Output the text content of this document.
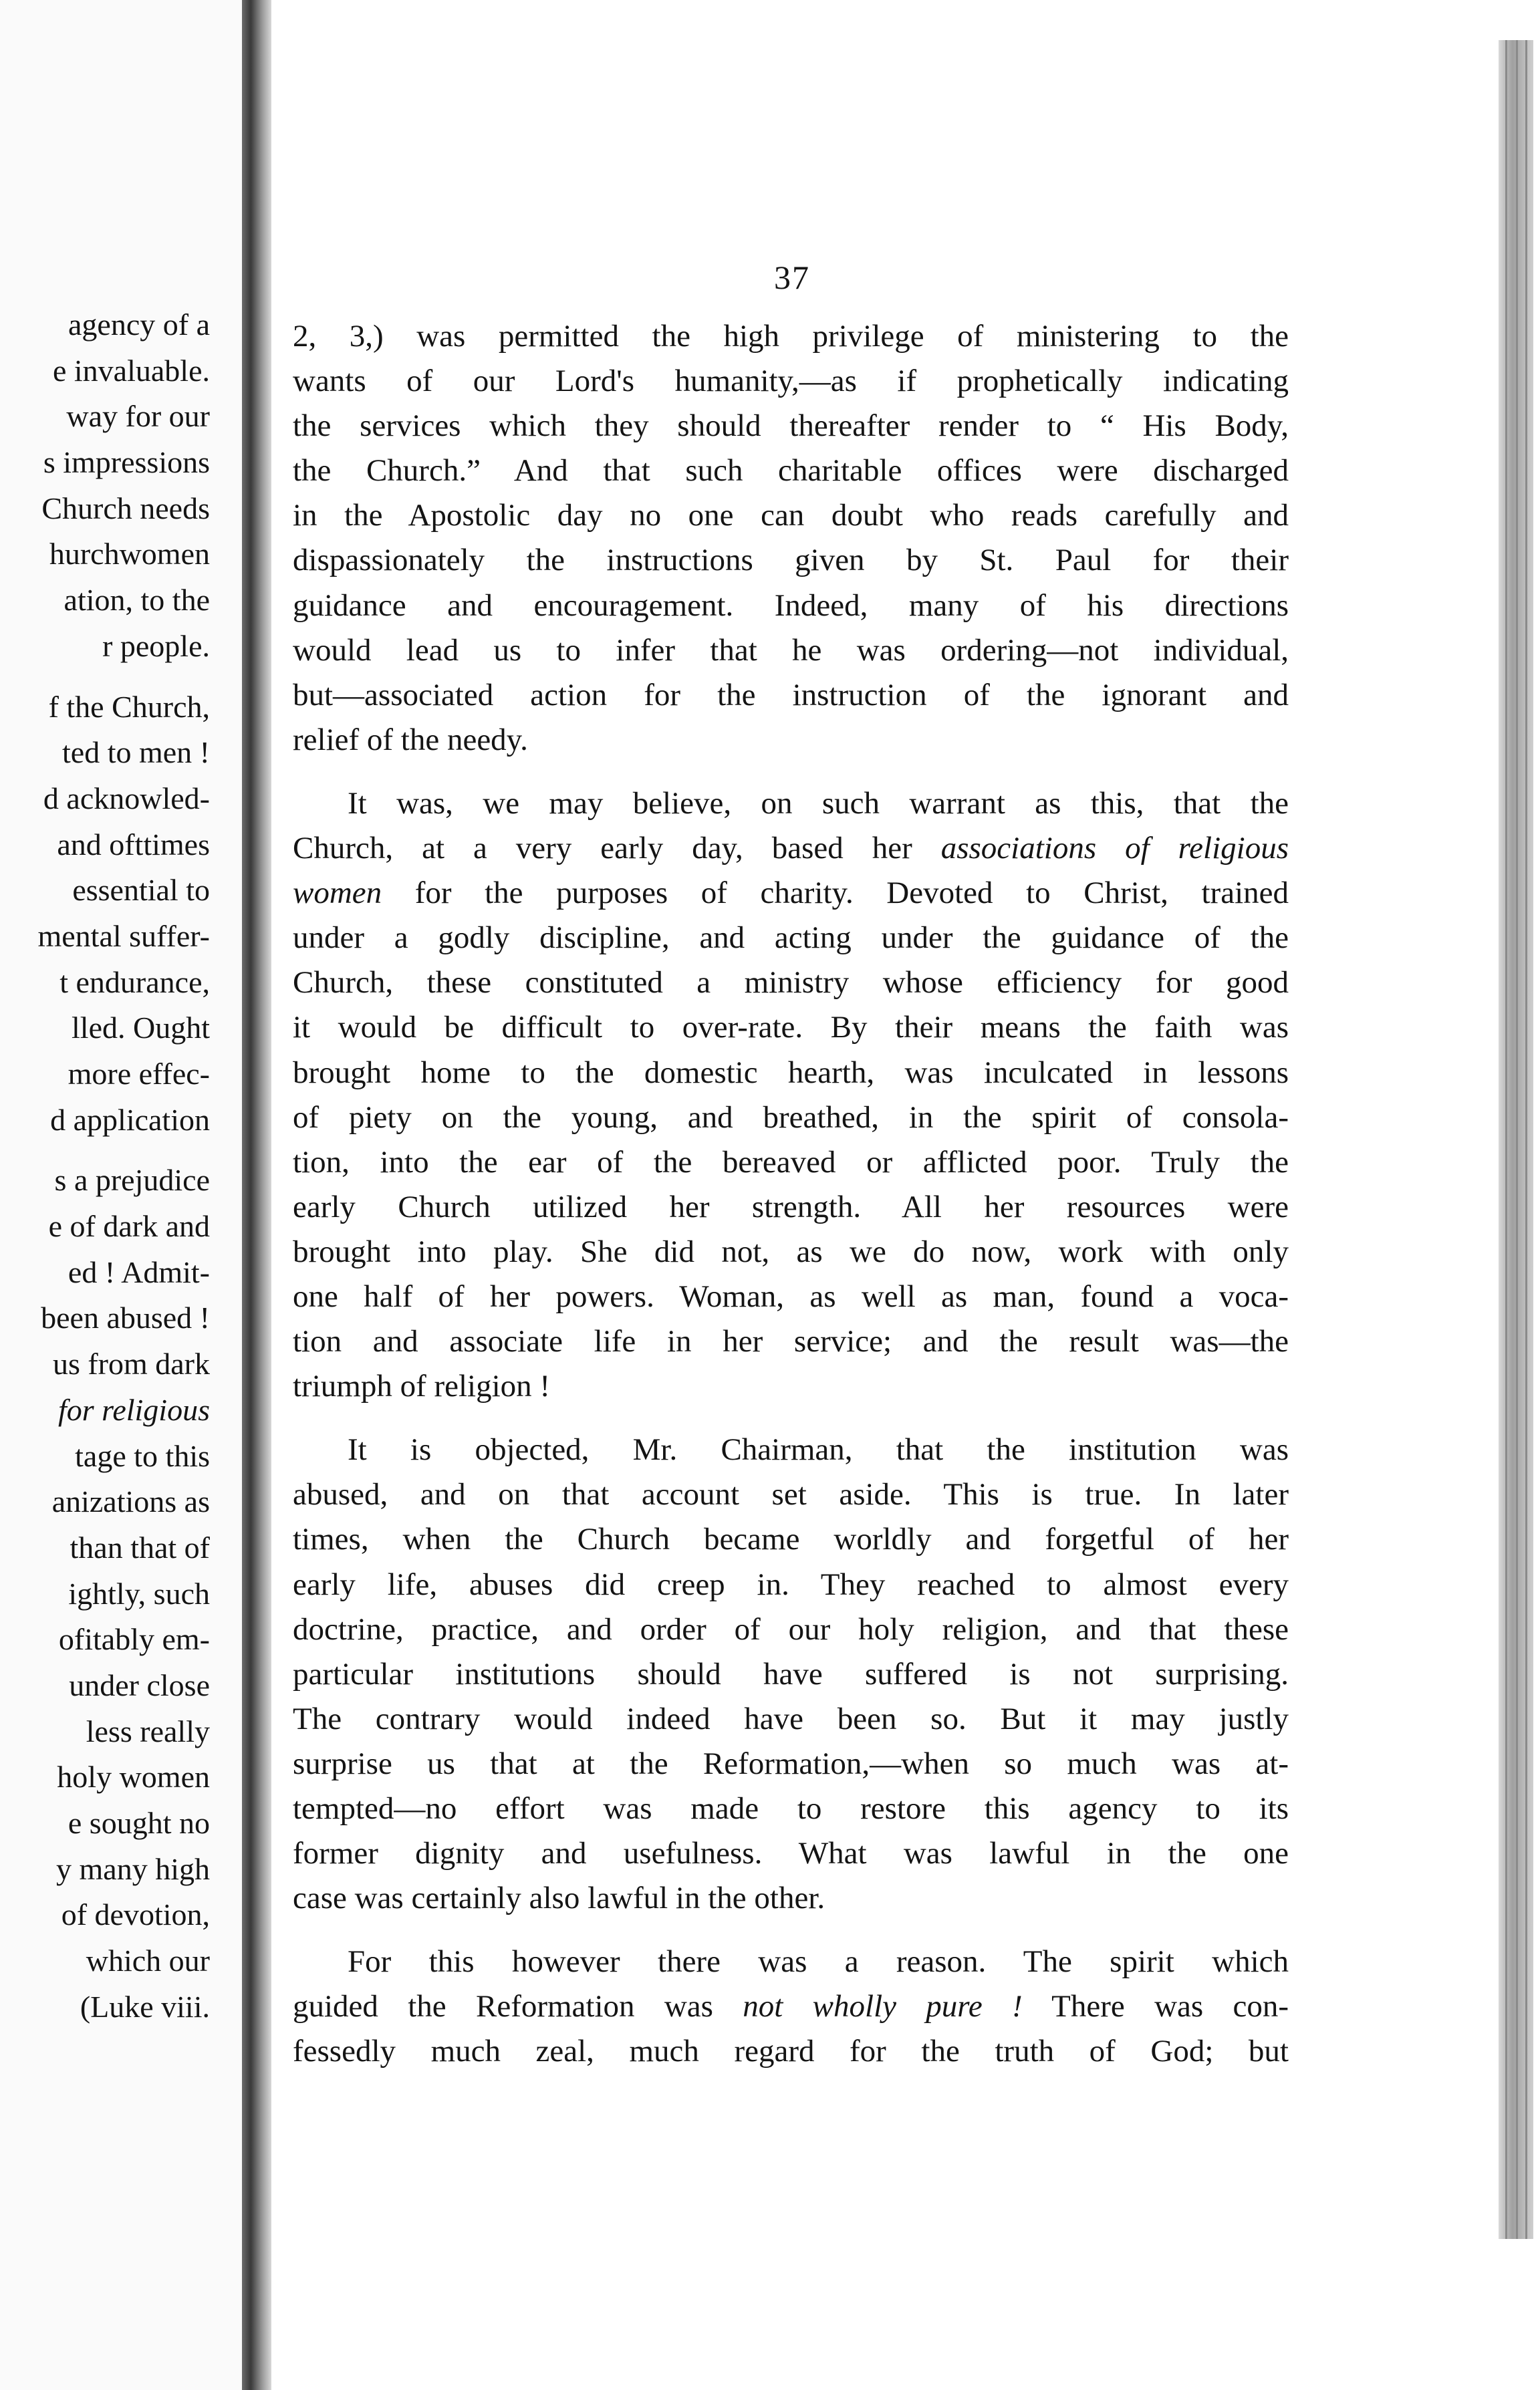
agency of a
e invaluable.
way for our
s impressions
Church needs
hurchwomen
ation, to the
r people.
f the Church,
ted to men !
d acknowled-
and ofttimes
essential to
mental suffer-
t endurance,
lled. Ought
more effec-
d application
s a prejudice
e of dark and
ed ! Admit-
been abused !
us from dark
for religious
tage to this
anizations as
than that of
ightly, such
ofitably em-
under close
less really
holy women
e sought no
y many high
of devotion,
which our
(Luke viii.
37
2, 3,) was permitted the high privilege of ministering to the
wants of our Lord's humanity,—as if prophetically indicating
the services which they should thereafter render to “ His Body,
the Church.” And that such charitable offices were discharged
in the Apostolic day no one can doubt who reads carefully and
dispassionately the instructions given by St. Paul for their
guidance and encouragement. Indeed, many of his directions
would lead us to infer that he was ordering—not individual,
but—associated action for the instruction of the ignorant and
relief of the needy.
It was, we may believe, on such warrant as this, that the
Church, at a very early day, based her associations of religious
women for the purposes of charity. Devoted to Christ, trained
under a godly discipline, and acting under the guidance of the
Church, these constituted a ministry whose efficiency for good
it would be difficult to over-rate. By their means the faith was
brought home to the domestic hearth, was inculcated in lessons
of piety on the young, and breathed, in the spirit of consola-
tion, into the ear of the bereaved or afflicted poor. Truly the
early Church utilized her strength. All her resources were
brought into play. She did not, as we do now, work with only
one half of her powers. Woman, as well as man, found a voca-
tion and associate life in her service; and the result was—the
triumph of religion !
It is objected, Mr. Chairman, that the institution was
abused, and on that account set aside. This is true. In later
times, when the Church became worldly and forgetful of her
early life, abuses did creep in. They reached to almost every
doctrine, practice, and order of our holy religion, and that these
particular institutions should have suffered is not surprising.
The contrary would indeed have been so. But it may justly
surprise us that at the Reformation,—when so much was at-
tempted—no effort was made to restore this agency to its
former dignity and usefulness. What was lawful in the one
case was certainly also lawful in the other.
For this however there was a reason. The spirit which
guided the Reformation was not wholly pure ! There was con-
fessedly much zeal, much regard for the truth of God; but
